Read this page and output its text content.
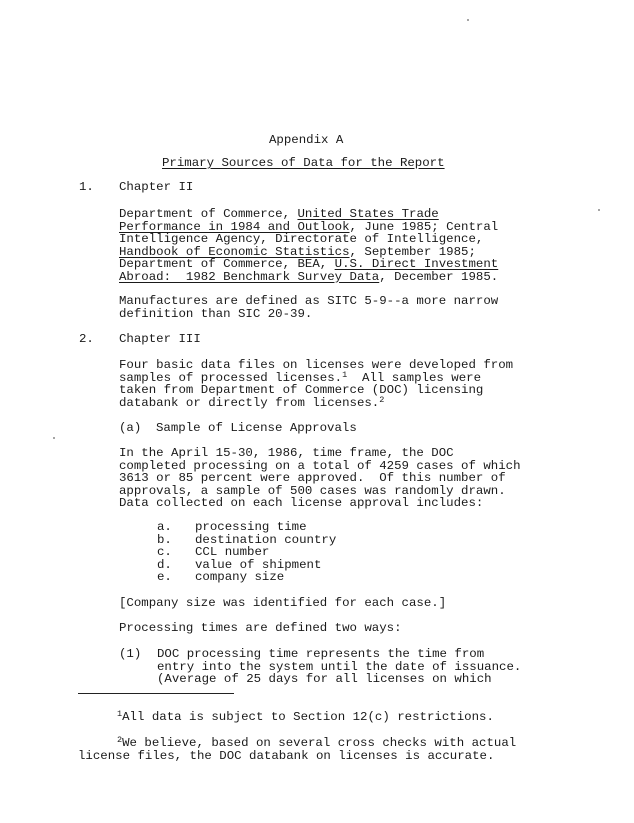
Appendix A
Primary Sources of Data for the Report
1. Chapter II
Department of Commerce, United States Trade
Performance in 1984 and Outlook, June 1985; Central
Intelligence Agency, Directorate of Intelligence,
Handbook of Economic Statistics, September 1985;
Department of Commerce, BEA, U.S. Direct Investment
Abroad:  1982 Benchmark Survey Data, December 1985.
Manufactures are defined as SITC 5-9--a more narrow
definition than SIC 20-39.
2. Chapter III
Four basic data files on licenses were developed from
samples of processed licenses.$^1$  All samples were
taken from Department of Commerce (DOC) licensing
databank or directly from licenses.$^2$
(a) Sample of License Approvals
In the April 15-30, 1986, time frame, the DOC
completed processing on a total of 4259 cases of which
3613 or 85 percent were approved.  Of this number of
approvals, a sample of 500 cases was randomly drawn.
Data collected on each license approval includes:
a. processing time
b. destination country
c. CCL number
d. value of shipment
e. company size
[Company size was identified for each case.]
Processing times are defined two ways:
(1) DOC processing time represents the time from
entry into the system until the date of issuance.
(Average of 25 days for all licenses on which
$^1$All data is subject to Section 12(c) restrictions.
$^2$We believe, based on several cross checks with actual
license files, the DOC databank on licenses is accurate.
